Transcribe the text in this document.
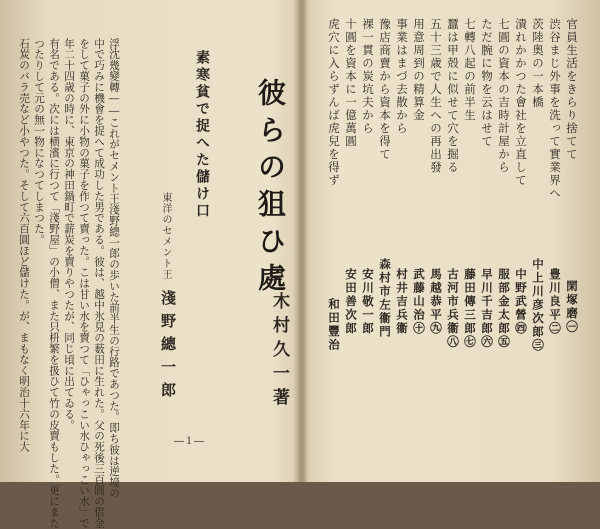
石炭のバラ売など小やつた。そして六百圓ほど儲けた。が、まもなく明治十六年に大 つたりして元の無一物になつてしまつた。 有名である。次には横濱に行つて「淺野屋」の小僧、また只枡繁を扱ひて竹の皮賣もした。更にまた 年二十四歳の時に、東京の神田鍋町で薪炭を賣りやつたが、同じ頃に出てゐる。 をして菓子の外に小物の菓子を作つて賣った。こは甘い水を賣つて「ひゃっこい水ひゃっこい水」で 中で巧みに機會を捉へて成功した男である。彼は、越中氷見の薮田に生れた。父の死後三百圓の借金 浮沈幾變轉――これがセメント王淺野總一郎の歩いた前半生の行路であつた。即ち彼は逆境の	素寒貧で捉へた儲け口
東洋のセメント王
淺野總一郎
―１―
彼らの狙ひ處
木村久一著
虎穴に入らずんば虎兒を得ず
和田豐治
十圓を資本に一億萬圓
安田善次郎
裸一貫の炭坑夫から
安川敬一郎
豫店商賣から資本を得て
森村市左衞門
事業はまづ去散から
村井吉兵衞
用意周到の精算金
武藤山治㊉
五十三歳で人生への再出發
馬越恭平㊈
蠶は甲殻に似せて穴を掘る
古河市兵衞㊇
七轉八起の前半生
藤田傳三郎㊆
ただ腕に物を云はせて
早川千吉郎㊅
七圓の資本の吉時計屋から
服部金太郎㊄
潰れかかつた會社を立直して
中野武營㊃
茨陸奥の一本橋
中上川彦次郎㊂
渋谷まじ外事を洗って實業界へ
豊川良平㊁
官員生活をきらり捨てて
閑塚磨㊀
